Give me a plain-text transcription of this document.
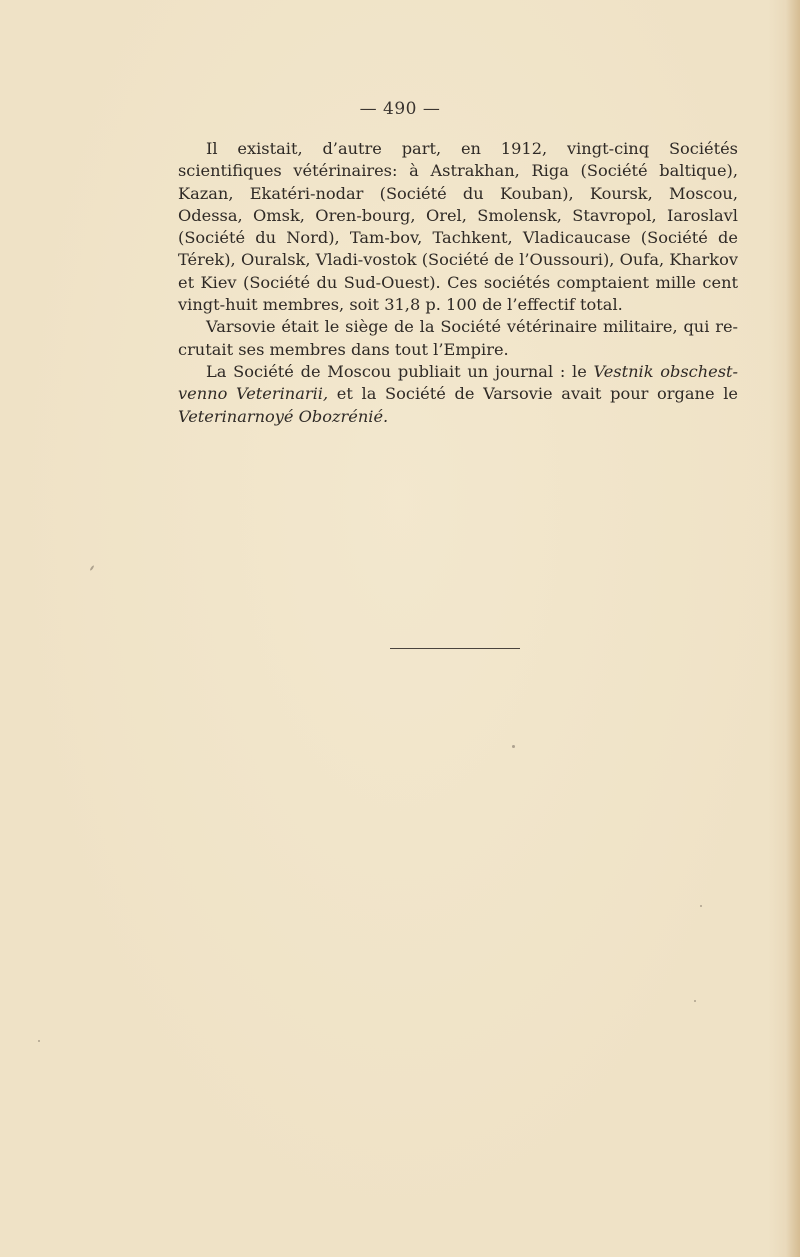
— 490 —

Il existait, d’autre part, en 1912, vingt-cinq Sociétés scientifiques vétérinaires: à Astrakhan, Riga (Société baltique), Kazan, Ekatéri-nodar (Société du Kouban), Koursk, Moscou, Odessa, Omsk, Oren-bourg, Orel, Smolensk, Stavropol, Iaroslavl (Société du Nord), Tam-bov, Tachkent, Vladicaucase (Société de Térek), Ouralsk, Vladi-vostok (Société de l’Oussouri), Oufa, Kharkov et Kiev (Société du Sud-Ouest). Ces sociétés comptaient mille cent vingt-huit membres, soit 31,8 p. 100 de l’effectif total.

Varsovie était le siège de la Société vétérinaire militaire, qui re-crutait ses membres dans tout l’Empire.

La Société de Moscou publiait un journal : le Vestnik obschest-venno Veterinarii, et la Société de Varsovie avait pour organe le Veterinarnoyé Obozrénié.
